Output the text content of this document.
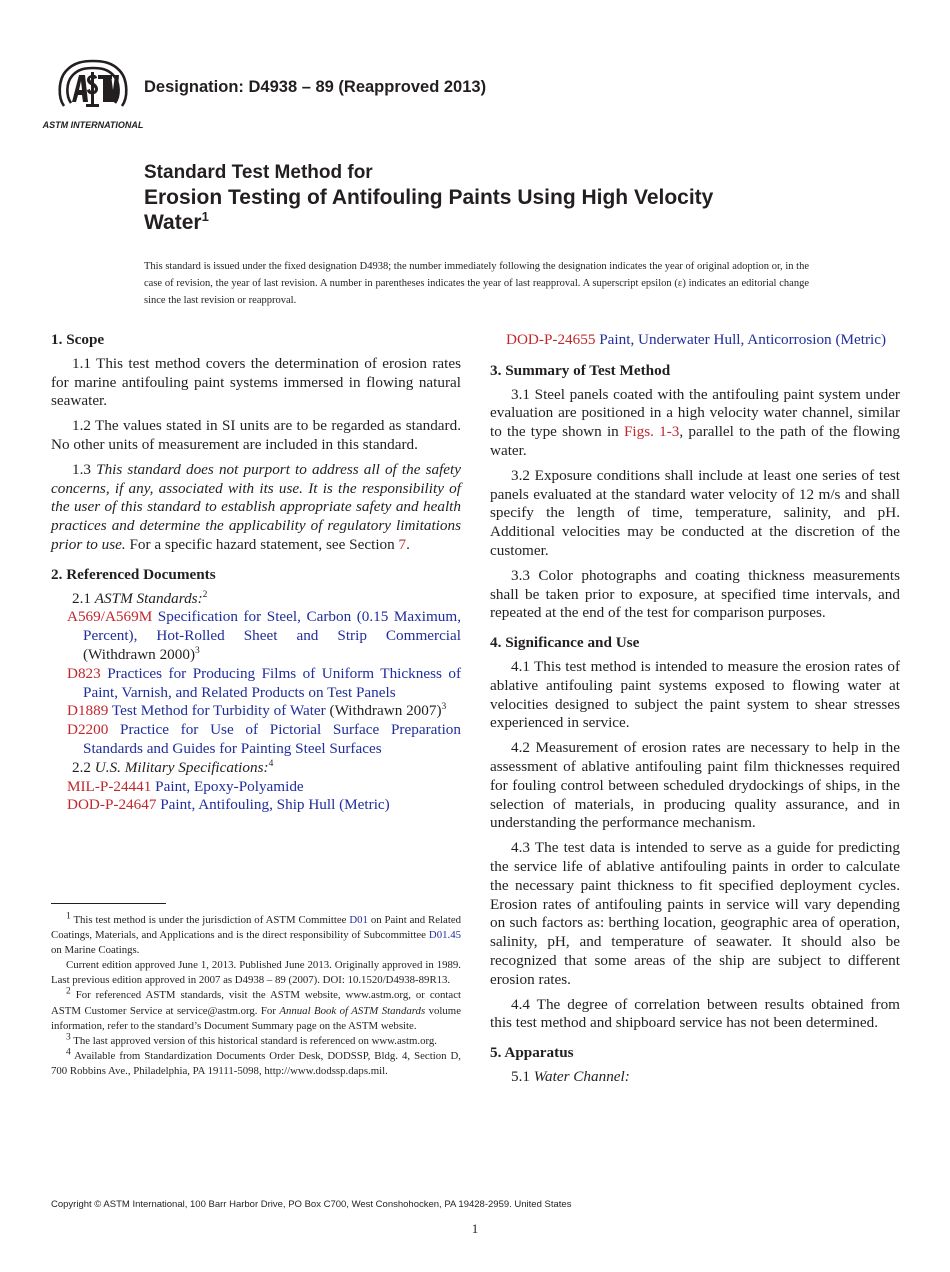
ASTM INTERNATIONAL
Designation: D4938 – 89 (Reapproved 2013)
Standard Test Method for
Erosion Testing of Antifouling Paints Using High Velocity
Water$^1$
This standard is issued under the fixed designation D4938; the number immediately following the designation indicates the year of original adoption or, in the case of revision, the year of last revision. A number in parentheses indicates the year of last reapproval. A superscript epsilon (ε) indicates an editorial change since the last revision or reapproval.
1. Scope

1.1 This test method covers the determination of erosion rates for marine antifouling paint systems immersed in flowing natural seawater.

1.2 The values stated in SI units are to be regarded as standard. No other units of measurement are included in this standard.

1.3 This standard does not purport to address all of the safety concerns, if any, associated with its use. It is the responsibility of the user of this standard to establish appropriate safety and health practices and determine the applicability of regulatory limitations prior to use. For a specific hazard statement, see Section 7.

2. Referenced Documents

2.1 ASTM Standards:$^2$

A569/A569M Specification for Steel, Carbon (0.15 Maximum, Percent), Hot-Rolled Sheet and Strip Commercial (Withdrawn 2000)$^3$

D823 Practices for Producing Films of Uniform Thickness of Paint, Varnish, and Related Products on Test Panels

D1889 Test Method for Turbidity of Water (Withdrawn 2007)$^3$

D2200 Practice for Use of Pictorial Surface Preparation Standards and Guides for Painting Steel Surfaces

2.2 U.S. Military Specifications:$^4$

MIL-P-24441 Paint, Epoxy-Polyamide

DOD-P-24647 Paint, Antifouling, Ship Hull (Metric)

$^1$ This test method is under the jurisdiction of ASTM Committee D01 on Paint and Related Coatings, Materials, and Applications and is the direct responsibility of Subcommittee D01.45 on Marine Coatings.

Current edition approved June 1, 2013. Published June 2013. Originally approved in 1989. Last previous edition approved in 2007 as D4938 – 89 (2007). DOI: 10.1520/D4938-89R13.

$^2$ For referenced ASTM standards, visit the ASTM website, www.astm.org, or contact ASTM Customer Service at service@astm.org. For Annual Book of ASTM Standards volume information, refer to the standard’s Document Summary page on the ASTM website.

$^3$ The last approved version of this historical standard is referenced on www.astm.org.

$^4$ Available from Standardization Documents Order Desk, DODSSP, Bldg. 4, Section D, 700 Robbins Ave., Philadelphia, PA 19111-5098, http://www.dodssp.daps.mil.

DOD-P-24655 Paint, Underwater Hull, Anticorrosion (Metric)

3. Summary of Test Method

3.1 Steel panels coated with the antifouling paint system under evaluation are positioned in a high velocity water channel, similar to the type shown in Figs. 1-3, parallel to the path of the flowing water.

3.2 Exposure conditions shall include at least one series of test panels evaluated at the standard water velocity of 12 m/s and shall specify the length of time, temperature, salinity, and pH. Additional velocities may be conducted at the discretion of the customer.

3.3 Color photographs and coating thickness measurements shall be taken prior to exposure, at specified time intervals, and repeated at the end of the test for comparison purposes.

4. Significance and Use

4.1 This test method is intended to measure the erosion rates of ablative antifouling paint systems exposed to flowing water at velocities designed to subject the paint system to shear stresses experienced in service.

4.2 Measurement of erosion rates are necessary to help in the assessment of ablative antifouling paint film thicknesses required for fouling control between scheduled drydockings of ships, in the selection of materials, in producing quality assurance, and in understanding the performance mechanism.

4.3 The test data is intended to serve as a guide for predicting the service life of ablative antifouling paints in order to calculate the necessary paint thickness to fit specified deployment cycles. Erosion rates of antifouling paints in service will vary depending on such factors as: berthing location, geographic area of operation, salinity, pH, and temperature of seawater. It should also be recognized that some areas of the ship are subject to different erosion rates.

4.4 The degree of correlation between results obtained from this test method and shipboard service has not been determined.

5. Apparatus

5.1 Water Channel:

Copyright © ASTM International, 100 Barr Harbor Drive, PO Box C700, West Conshohocken, PA 19428-2959. United States
1
